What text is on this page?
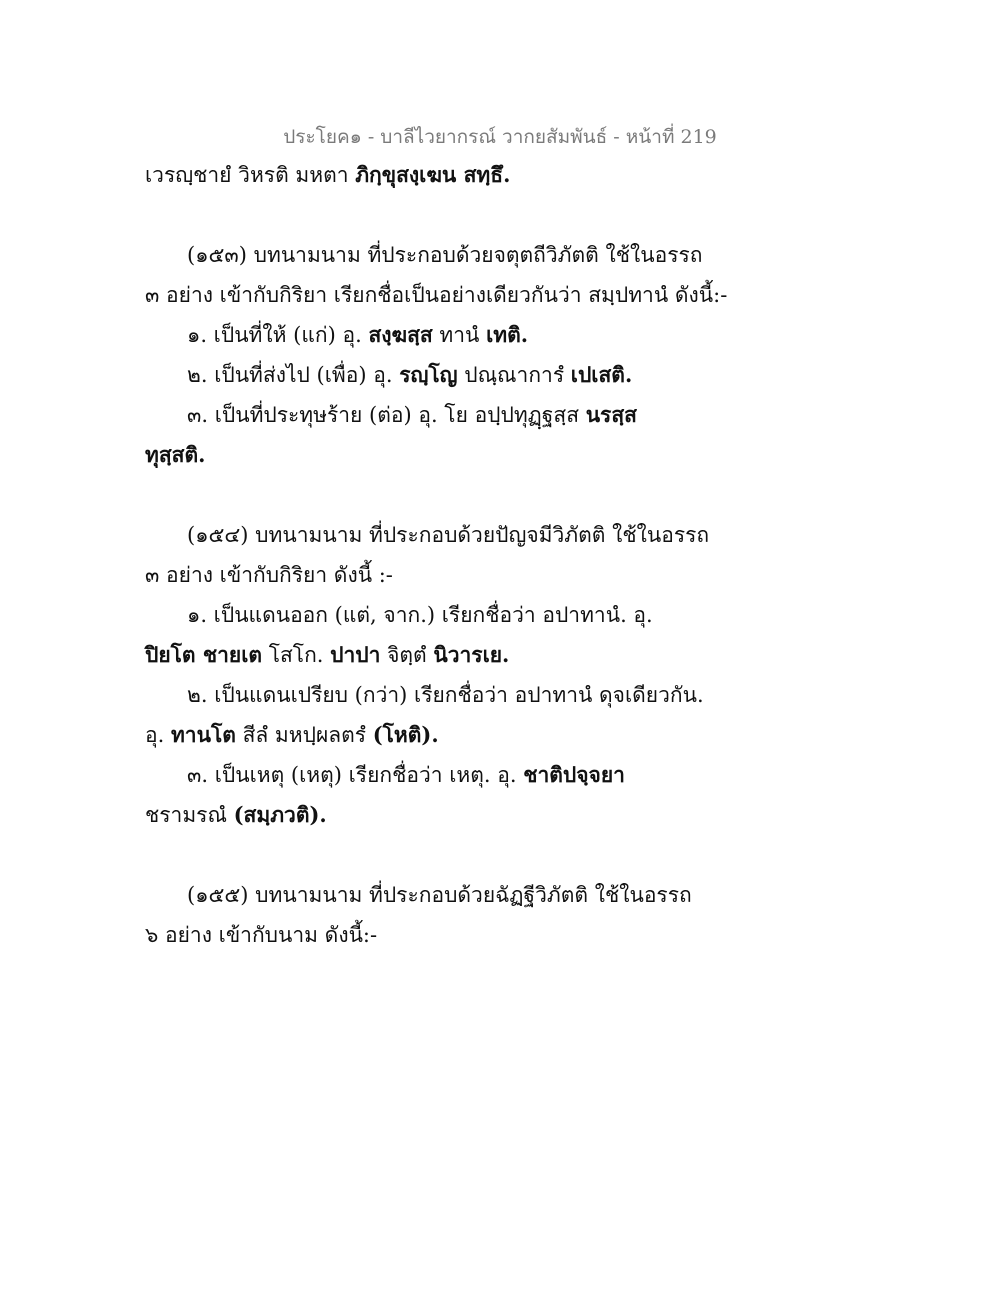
ประโยค๑ - บาลีไวยากรณ์ วากยสัมพันธ์ - หน้าที่ 219
เวรญฺชายํ วิหรติ มหตา ภิกฺขุสงฺเฆน สทฺธึ.
(๑๕๓) บทนามนาม ที่ประกอบด้วยจตุตถีวิภัตติ ใช้ในอรรถ
๓ อย่าง เข้ากับกิริยา เรียกชื่อเป็นอย่างเดียวกันว่า สมฺปทานํ ดังนี้:-
๑. เป็นที่ให้ (แก่) อุ. สงฺฆสฺส ทานํ เทติ.
๒. เป็นที่ส่งไป (เพื่อ) อุ. รญฺโญ ปณฺณาการํ เปเสติ.
๓. เป็นที่ประทุษร้าย (ต่อ) อุ. โย อปฺปทุฏฺฐสฺส นรสฺส
ทุสฺสติ.
(๑๕๔) บทนามนาม ที่ประกอบด้วยปัญจมีวิภัตติ ใช้ในอรรถ
๓ อย่าง เข้ากับกิริยา ดังนี้ :-
๑. เป็นแดนออก (แต่, จาก.) เรียกชื่อว่า อปาทานํ. อุ.
ปิยโต ชายเต โสโก. ปาปา จิตฺตํ นิวารเย.
๒. เป็นแดนเปรียบ (กว่า) เรียกชื่อว่า อปาทานํ ดุจเดียวกัน.
อุ. ทานโต สีลํ มหปฺผลตรํ (โหติ).
๓. เป็นเหตุ (เหตุ) เรียกชื่อว่า เหตุ. อุ. ชาติปจฺจยา
ชรามรณํ (สมฺภวติ).
(๑๕๕) บทนามนาม ที่ประกอบด้วยฉัฏฐีวิภัตติ ใช้ในอรรถ
๖ อย่าง เข้ากับนาม ดังนี้:-
